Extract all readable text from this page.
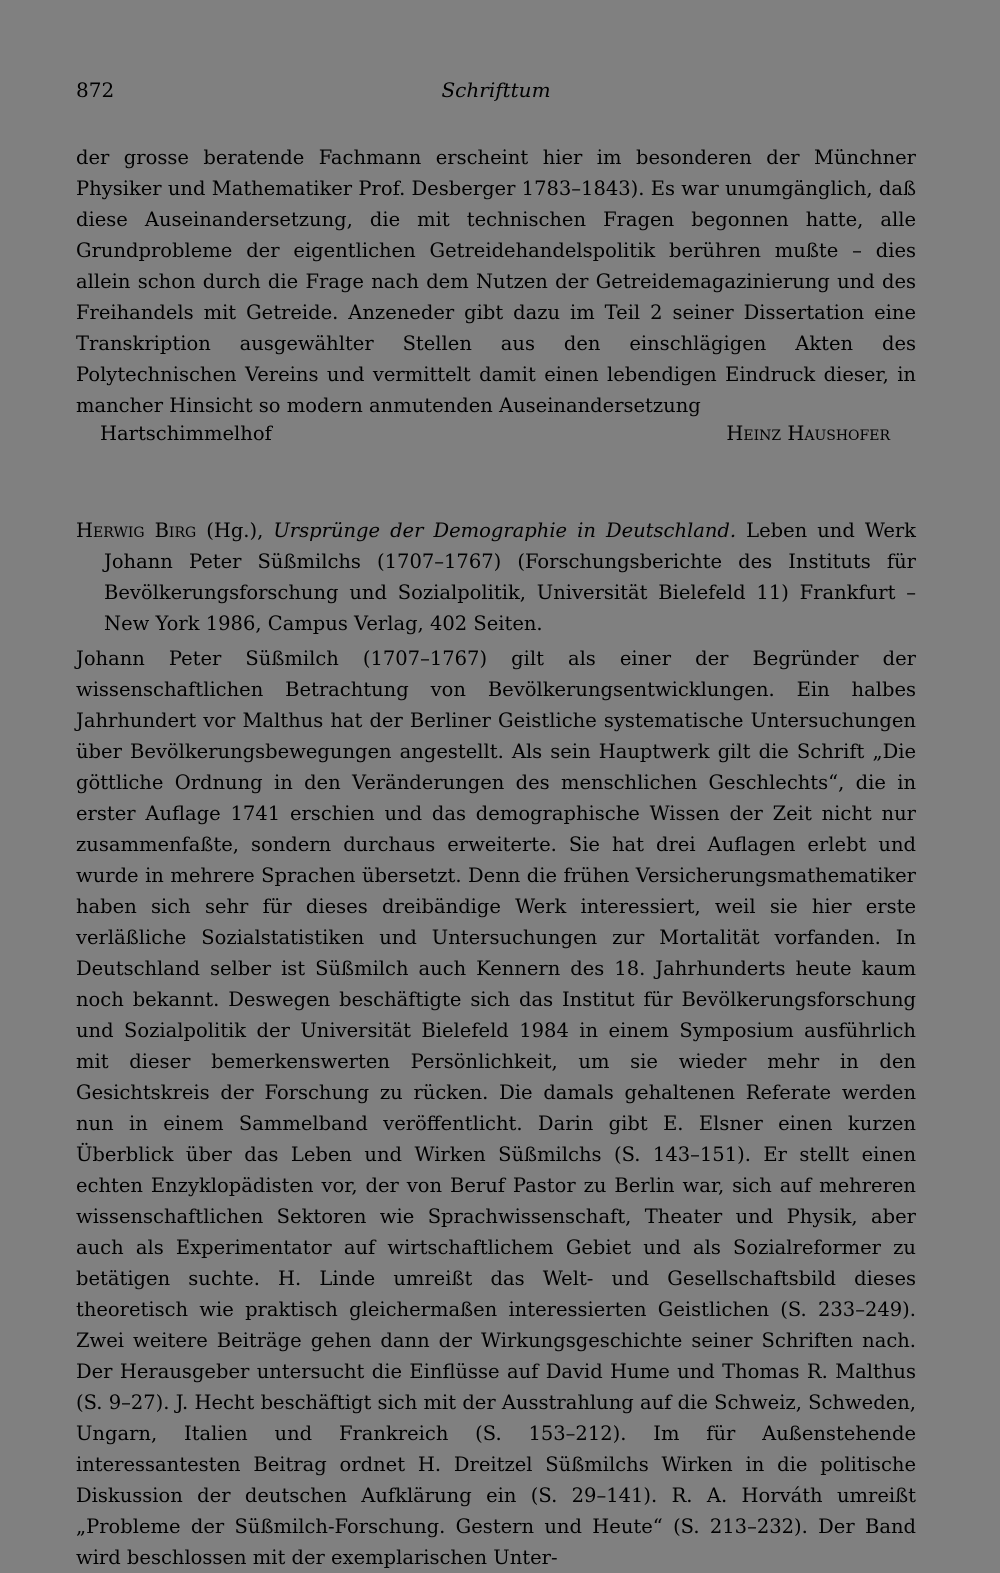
872	Schrifttum

der grosse beratende Fachmann erscheint hier im besonderen der Münchner Physiker und Mathematiker Prof. Desberger 1783–1843). Es war unumgänglich, daß diese Auseinandersetzung, die mit technischen Fragen begonnen hatte, alle Grundprobleme der eigentlichen Getreidehandelspolitik berühren mußte – dies allein schon durch die Frage nach dem Nutzen der Getreidemagazinierung und des Freihandels mit Getreide. Anzeneder gibt dazu im Teil 2 seiner Dissertation eine Transkription ausgewählter Stellen aus den einschlägigen Akten des Polytechnischen Vereins und vermittelt damit einen lebendigen Eindruck dieser, in mancher Hinsicht so modern anmutenden Auseinandersetzung

Hartschimmelhof	Heinz Haushofer

Herwig Birg (Hg.), Ursprünge der Demographie in Deutschland. Leben und Werk Johann Peter Süßmilchs (1707–1767) (Forschungsberichte des Instituts für Bevölkerungsforschung und Sozialpolitik, Universität Bielefeld 11) Frankfurt – New York 1986, Campus Verlag, 402 Seiten.

Johann Peter Süßmilch (1707–1767) gilt als einer der Begründer der wissenschaftlichen Betrachtung von Bevölkerungsentwicklungen. Ein halbes Jahrhundert vor Malthus hat der Berliner Geistliche systematische Untersuchungen über Bevölkerungsbewegungen angestellt. Als sein Hauptwerk gilt die Schrift „Die göttliche Ordnung in den Veränderungen des menschlichen Geschlechts“, die in erster Auflage 1741 erschien und das demographische Wissen der Zeit nicht nur zusammenfaßte, sondern durchaus erweiterte. Sie hat drei Auflagen erlebt und wurde in mehrere Sprachen übersetzt. Denn die frühen Versicherungsmathematiker haben sich sehr für dieses dreibändige Werk interessiert, weil sie hier erste verläßliche Sozialstatistiken und Untersuchungen zur Mortalität vorfanden. In Deutschland selber ist Süßmilch auch Kennern des 18. Jahrhunderts heute kaum noch bekannt. Deswegen beschäftigte sich das Institut für Bevölkerungsforschung und Sozialpolitik der Universität Bielefeld 1984 in einem Symposium ausführlich mit dieser bemerkenswerten Persönlichkeit, um sie wieder mehr in den Gesichtskreis der Forschung zu rücken. Die damals gehaltenen Referate werden nun in einem Sammelband veröffentlicht. Darin gibt E. Elsner einen kurzen Überblick über das Leben und Wirken Süßmilchs (S. 143–151). Er stellt einen echten Enzyklopädisten vor, der von Beruf Pastor zu Berlin war, sich auf mehreren wissenschaftlichen Sektoren wie Sprachwissenschaft, Theater und Physik, aber auch als Experimentator auf wirtschaftlichem Gebiet und als Sozialreformer zu betätigen suchte. H. Linde umreißt das Welt- und Gesellschaftsbild dieses theoretisch wie praktisch gleichermaßen interessierten Geistlichen (S. 233–249). Zwei weitere Beiträge gehen dann der Wirkungsgeschichte seiner Schriften nach. Der Herausgeber untersucht die Einflüsse auf David Hume und Thomas R. Malthus (S. 9–27). J. Hecht beschäftigt sich mit der Ausstrahlung auf die Schweiz, Schweden, Ungarn, Italien und Frankreich (S. 153–212). Im für Außenstehende interessantesten Beitrag ordnet H. Dreitzel Süßmilchs Wirken in die politische Diskussion der deutschen Aufklärung ein (S. 29–141). R. A. Horváth umreißt „Probleme der Süßmilch-Forschung. Gestern und Heute“ (S. 213–232). Der Band wird beschlossen mit der exemplarischen Unter-
